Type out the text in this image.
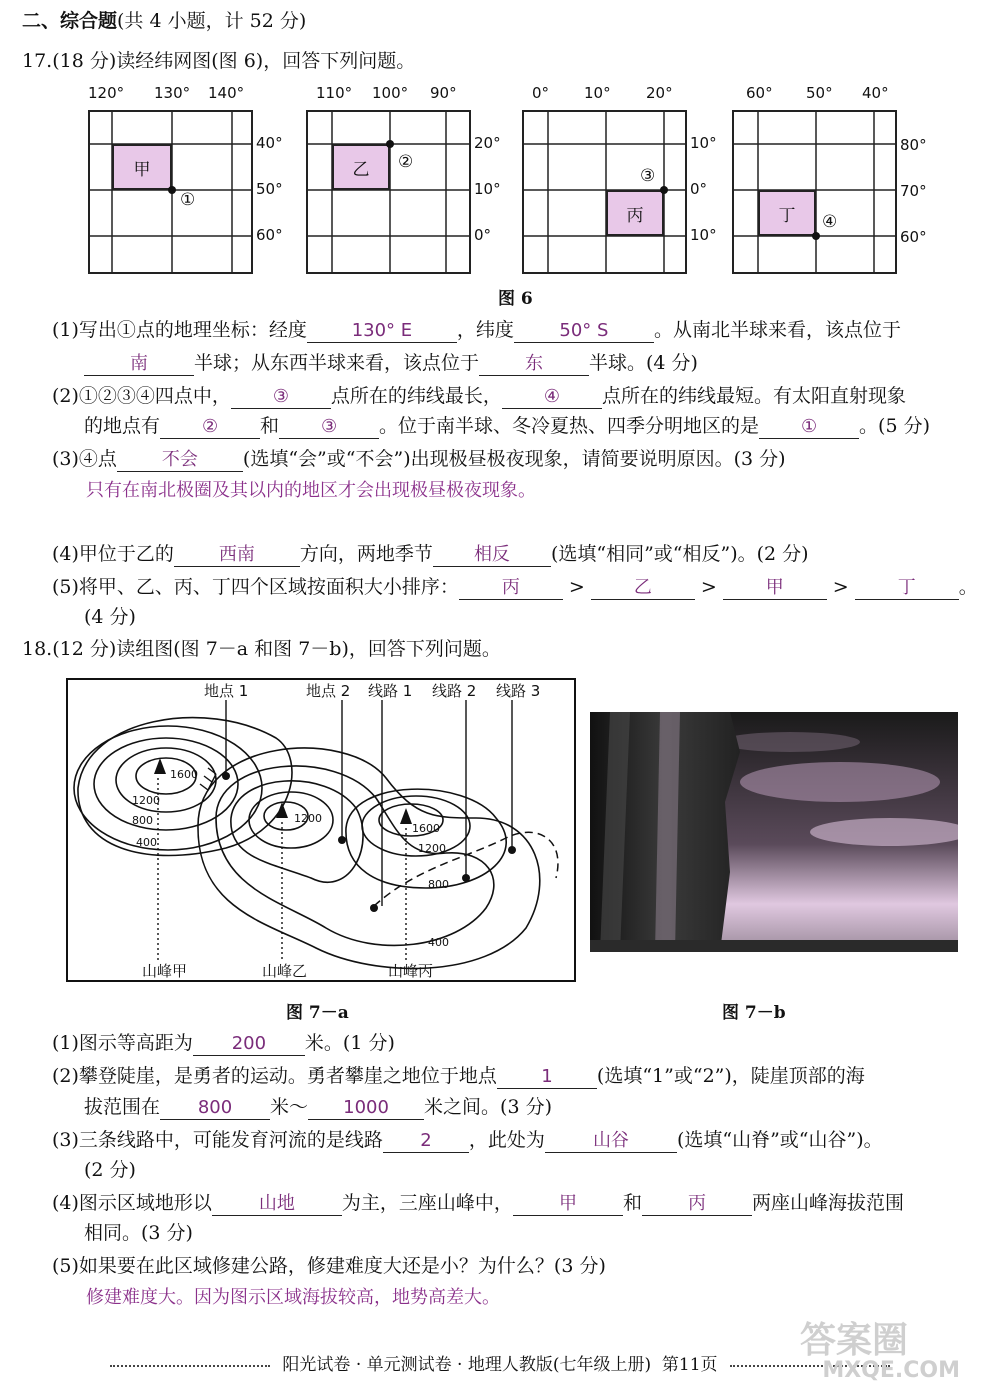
二、综合题(共 4 小题，计 52 分)
17.(18 分)读经纬网图(图 6)，回答下列问题。
120° 130° 140°
40°
50°
60°
甲
①
110° 100° 90°
20°
10°
0°
乙	②
0° 10° 20°
10°
0°
10°
丙
③
60° 50° 40°
80°
70°
60°
丁	④
图 6
(1)写出①点的地理坐标：经度 130° E ，纬度	50° S 。从南北半球来看，该点位于
南 半球；从东西半球来看，该点位于	东 半球。(4 分)
(2)①②③④四点中， ③ 点所在的纬线最长， ④ 点所在的纬线最短。有太阳直射现象
的地点有 ② 和 ③ 。位于南半球、冬冷夏热、四季分明地区的是 ① 。(5 分)
(3)④点	不会 (选填“会”或“不会”)出现极昼极夜现象，请简要说明原因。(3 分)
只有在南北极圈及其以内的地区才会出现极昼极夜现象。
(4)甲位于乙的	西南 方向，两地季节 相反 (选填“相同”或“相反”)。(2 分)
(5)将甲、乙、丙、丁四个区域按面积大小排序： 丙	>	乙	>	甲	>	丁 。
(4 分)
18.(12 分)读组图(图 7－a 和图 7－b)，回答下列问题。
1600
1200
800
400
1200
1600
1200
800
400
地点 1	地点 2 线路 1 线路 2 线路 3
山峰甲	山峰乙	山峰丙
图 7－a	图 7－b
(1)图示等高距为 200 米。(1 分)
(2)攀登陡崖，是勇者的运动。勇者攀崖之地位于地点 1 (选填“1”或“2”)，陡崖顶部的海
拔范围在 800 米～ 1000 米之间。(3 分)
(3)三条线路中，可能发育河流的是线路 2 ，此处为	山谷	(选填“山脊”或“山谷”)。
(2 分)
(4)图示区域地形以	山地 为主，三座山峰中，	甲 和	丙 两座山峰海拔范围
相同。(3 分)
(5)如果要在此区域修建公路，修建难度大还是小？为什么？(3 分)
修建难度大。因为图示区域海拔较高，地势高差大。
阳光试卷 · 单元测试卷 · 地理人教版(七年级上册) 第11页
答案圈
MXQE.COM
